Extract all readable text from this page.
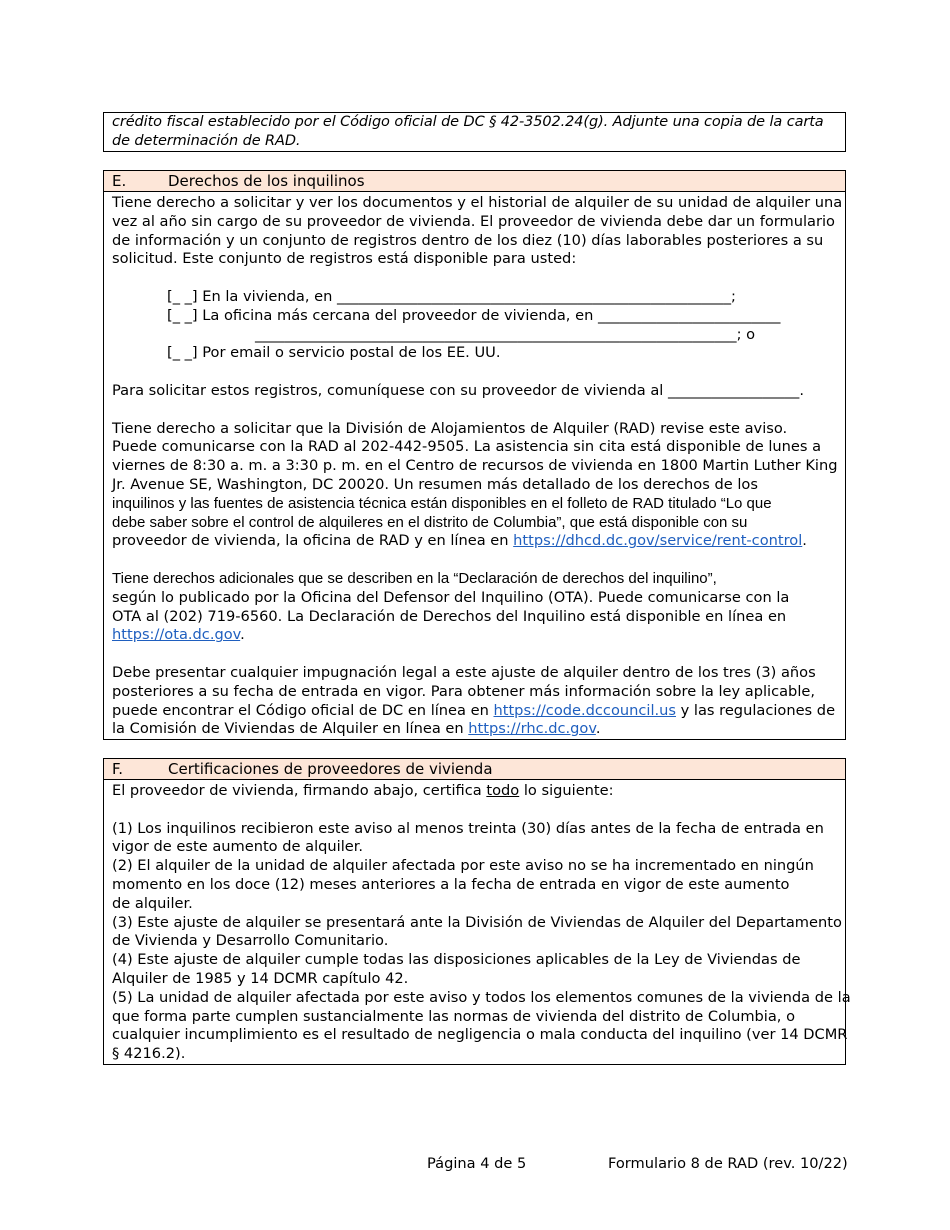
crédito fiscal establecido por el Código oficial de DC § 42-3502.24(g). Adjunte una copia de la carta de determinación de RAD.

E.	Derechos de los inquilinos

Tiene derecho a solicitar y ver los documentos y el historial de alquiler de su unidad de alquiler una

vez al año sin cargo de su proveedor de vivienda. El proveedor de vivienda debe dar un formulario

de información y un conjunto de registros dentro de los diez (10) días laborables posteriores a su

solicitud. Este conjunto de registros está disponible para usted:

[_ _] En la vivienda, en ______________________________________________________;

[_ _] La oficina más cercana del proveedor de vivienda, en _________________________

__________________________________________________________________; o

[_ _] Por email o servicio postal de los EE. UU.

Para solicitar estos registros, comuníquese con su proveedor de vivienda al __________________.

Tiene derecho a solicitar que la División de Alojamientos de Alquiler (RAD) revise este aviso.

Puede comunicarse con la RAD al 202-442-9505. La asistencia sin cita está disponible de lunes a

viernes de 8:30 a. m. a 3:30 p. m. en el Centro de recursos de vivienda en 1800 Martin Luther King

Jr. Avenue SE, Washington, DC 20020. Un resumen más detallado de los derechos de los

inquilinos y las fuentes de asistencia técnica están disponibles en el folleto de RAD titulado “Lo que

debe saber sobre el control de alquileres en el distrito de Columbia”, que está disponible con su

proveedor de vivienda, la oficina de RAD y en línea en https://dhcd.dc.gov/service/rent-control.

Tiene derechos adicionales que se describen en la “Declaración de derechos del inquilino”,

según lo publicado por la Oficina del Defensor del Inquilino (OTA). Puede comunicarse con la

OTA al (202) 719-6560. La Declaración de Derechos del Inquilino está disponible en línea en

https://ota.dc.gov.

Debe presentar cualquier impugnación legal a este ajuste de alquiler dentro de los tres (3) años

posteriores a su fecha de entrada en vigor. Para obtener más información sobre la ley aplicable,

puede encontrar el Código oficial de DC en línea en https://code.dccouncil.us y las regulaciones de

la Comisión de Viviendas de Alquiler en línea en https://rhc.dc.gov.

F.	Certificaciones de proveedores de vivienda

El proveedor de vivienda, firmando abajo, certifica todo lo siguiente:

(1) Los inquilinos recibieron este aviso al menos treinta (30) días antes de la fecha de entrada en

vigor de este aumento de alquiler.

(2) El alquiler de la unidad de alquiler afectada por este aviso no se ha incrementado en ningún

momento en los doce (12) meses anteriores a la fecha de entrada en vigor de este aumento

de alquiler.

(3) Este ajuste de alquiler se presentará ante la División de Viviendas de Alquiler del Departamento

de Vivienda y Desarrollo Comunitario.

(4) Este ajuste de alquiler cumple todas las disposiciones aplicables de la Ley de Viviendas de

Alquiler de 1985 y 14 DCMR capítulo 42.

(5) La unidad de alquiler afectada por este aviso y todos los elementos comunes de la vivienda de la

que forma parte cumplen sustancialmente las normas de vivienda del distrito de Columbia, o

cualquier incumplimiento es el resultado de negligencia o mala conducta del inquilino (ver 14 DCMR

§ 4216.2).

Página 4 de 5	Formulario 8 de RAD (rev. 10/22)
